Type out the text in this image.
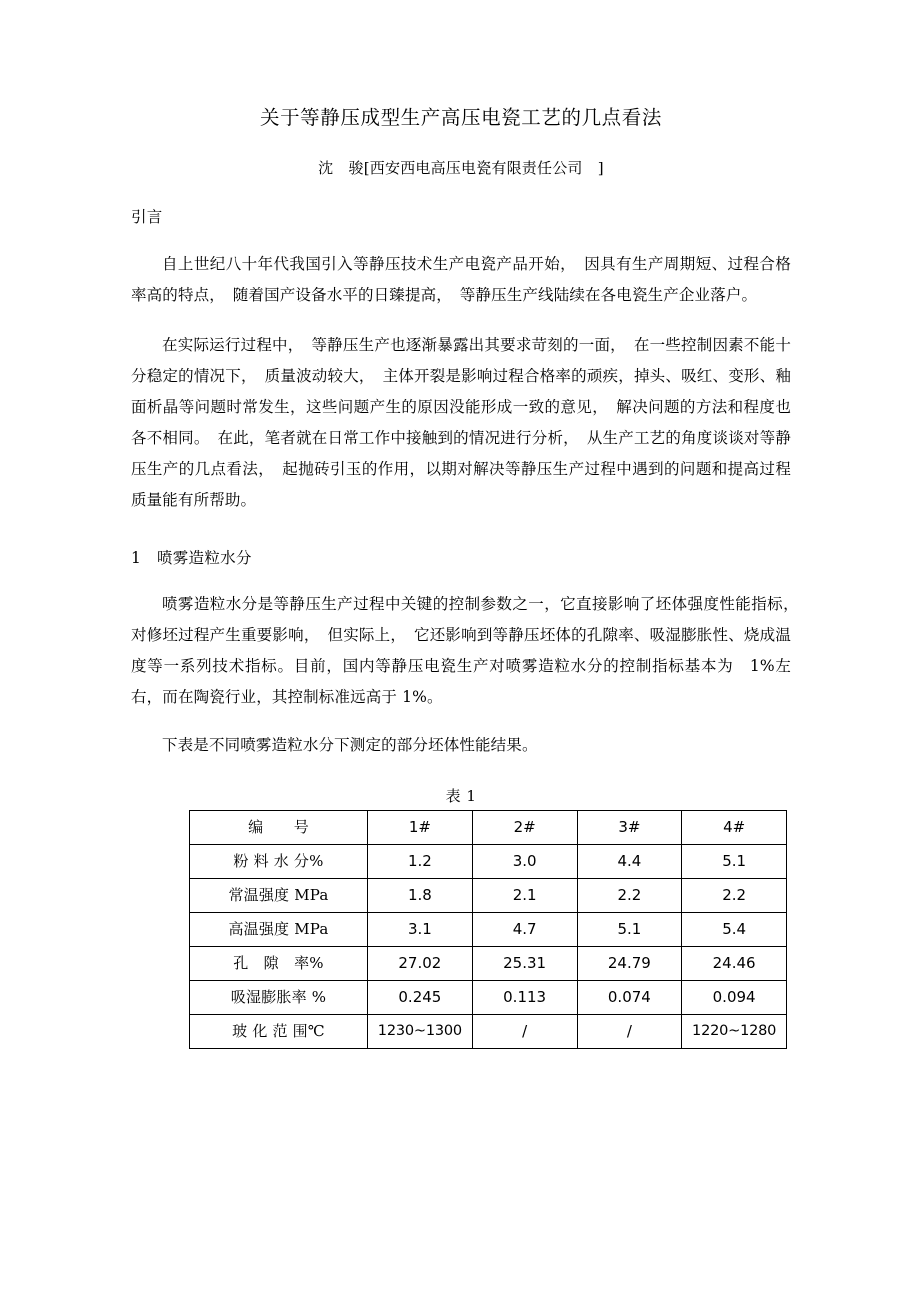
关于等静压成型生产高压电瓷工艺的几点看法
沈　骏[西安西电高压电瓷有限责任公司　]
引言

自上世纪八十年代我国引入等静压技术生产电瓷产品开始，　因具有生产周期短、过程合格率高的特点，　随着国产设备水平的日臻提高，　等静压生产线陆续在各电瓷生产企业落户。

在实际运行过程中，　等静压生产也逐渐暴露出其要求苛刻的一面，　在一些控制因素不能十分稳定的情况下，　质量波动较大，　主体开裂是影响过程合格率的顽疾，掉头、吸红、变形、釉面析晶等问题时常发生，这些问题产生的原因没能形成一致的意见，　解决问题的方法和程度也各不相同。　在此，笔者就在日常工作中接触到的情况进行分析，　从生产工艺的角度谈谈对等静压生产的几点看法，　起抛砖引玉的作用，以期对解决等静压生产过程中遇到的问题和提高过程质量能有所帮助。

1　喷雾造粒水分

喷雾造粒水分是等静压生产过程中关键的控制参数之一，它直接影响了坯体强度性能指标，　对修坯过程产生重要影响，　但实际上，　它还影响到等静压坯体的孔隙率、吸湿膨胀性、烧成温度等一系列技术指标。目前，国内等静压电瓷生产对喷雾造粒水分的控制指标基本为　1%左右，而在陶瓷行业，其控制标准远高于 1%。

下表是不同喷雾造粒水分下测定的部分坯体性能结果。

表 1
编　　号	1#	2#	3#	4#
粉 料 水 分%	1.2	3.0	4.4	5.1
常温强度 MPa	1.8	2.1	2.2	2.2
高温强度 MPa	3.1	4.7	5.1	5.4
孔　隙　率%	27.02	25.31	24.79	24.46
吸湿膨胀率 %	0.245	0.113	0.074	0.094
玻 化 范 围℃	1230~1300	/	/	1220~1280
